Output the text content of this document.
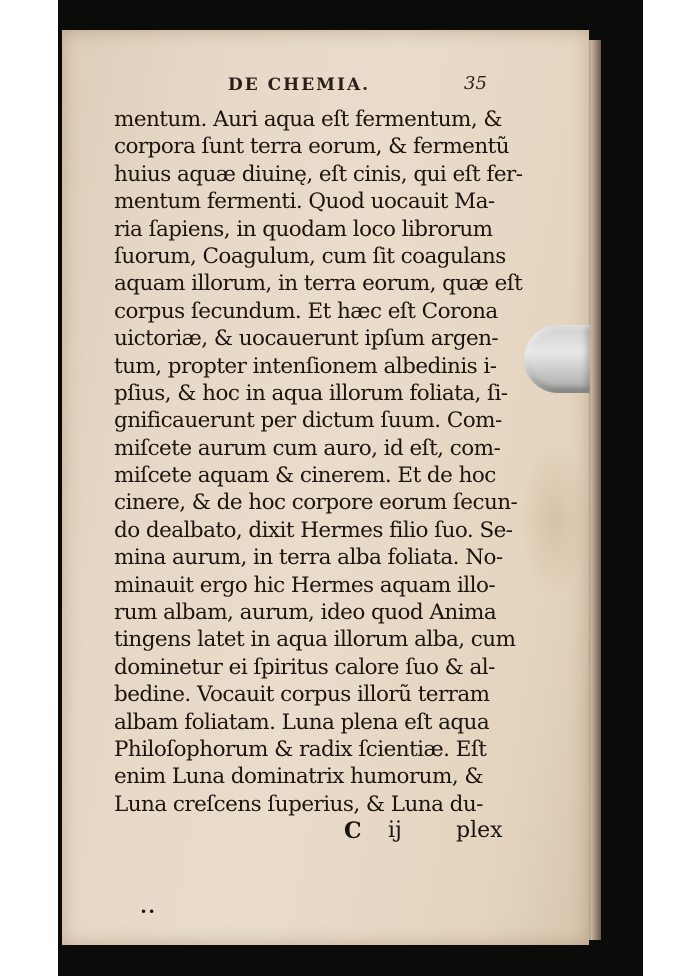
DE CHEMIA.	35
mentum. Auri aqua eſt fermentum, &
corpora ſunt terra eorum, & fermentũ
huius aquæ diuinę, eſt cinis, qui eſt fer-
mentum fermenti. Quod uocauit Ma-
ria ſapiens, in quodam loco librorum
ſuorum, Coagulum, cum ſit coagulans
aquam illorum, in terra eorum, quæ eſt
corpus ſecundum. Et hæc eſt Corona
uictoriæ, & uocauerunt ipſum argen-
tum, propter intenſionem albedinis i-
pſius, & hoc in aqua illorum foliata, ſi-
gnificauerunt per dictum ſuum. Com-
miſcete aurum cum auro, id eſt, com-
miſcete aquam & cinerem. Et de hoc
cinere, & de hoc corpore eorum ſecun-
do dealbato, dixit Hermes filio ſuo. Se-
mina aurum, in terra alba foliata. No-
minauit ergo hic Hermes aquam illo-
rum albam, aurum, ideo quod Anima
tingens latet in aqua illorum alba, cum
dominetur ei ſpiritus calore ſuo & al-
bedine. Vocauit corpus illorũ terram
albam foliatam. Luna plena eſt aqua
Philoſophorum & radix ſcientiæ. Eſt
enim Luna dominatrix humorum, &
Luna creſcens ſuperius, & Luna du-
C ij plex
••
